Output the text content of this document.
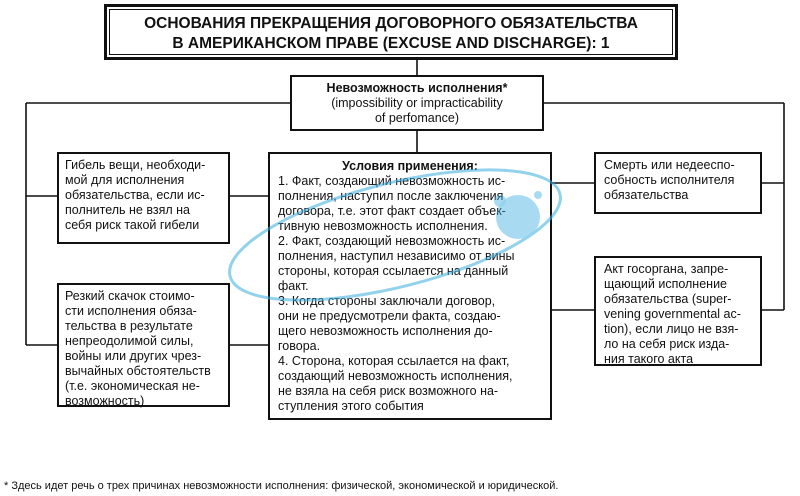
ОСНОВАНИЯ ПРЕКРАЩЕНИЯ ДОГОВОРНОГО ОБЯЗАТЕЛЬСТВА
В АМЕРИКАНСКОМ ПРАВЕ (EXCUSE AND DISCHARGE): 1
Невозможность исполнения*
(impossibility or impracticability
of perfomance)
Гибель вещи, необходи-
мой для исполнения
обязательства, если ис-
полнитель не взял на
себя риск такой гибели
Резкий скачок стоимо-
сти исполнения обяза-
тельства в результате
непреодолимой силы,
войны или других чрез-
вычайных обстоятельств
(т.е. экономическая не-
возможность)
Условия применения:
1. Факт, создающий невозможность ис-
полнения, наступил после заключения
договора, т.е. этот факт создает объек-
тивную невозможность исполнения.
2. Факт, создающий невозможность ис-
полнения, наступил независимо от вины
стороны, которая ссылается на данный
факт.
3. Когда стороны заключали договор,
они не предусмотрели факта, создаю-
щего невозможность исполнения до-
говора.
4. Сторона, которая ссылается на факт,
создающий невозможность исполнения,
не взяла на себя риск возможного на-
ступления этого события
Смерть или недееспо-
собность исполнителя
обязательства
Акт госоргана, запре-
щающий исполнение
обязательства (super-
vening governmental ac-
tion), если лицо не взя-
ло на себя риск изда-
ния такого акта
* Здесь идет речь о трех причинах невозможности исполнения: физической, экономической и юридической.
